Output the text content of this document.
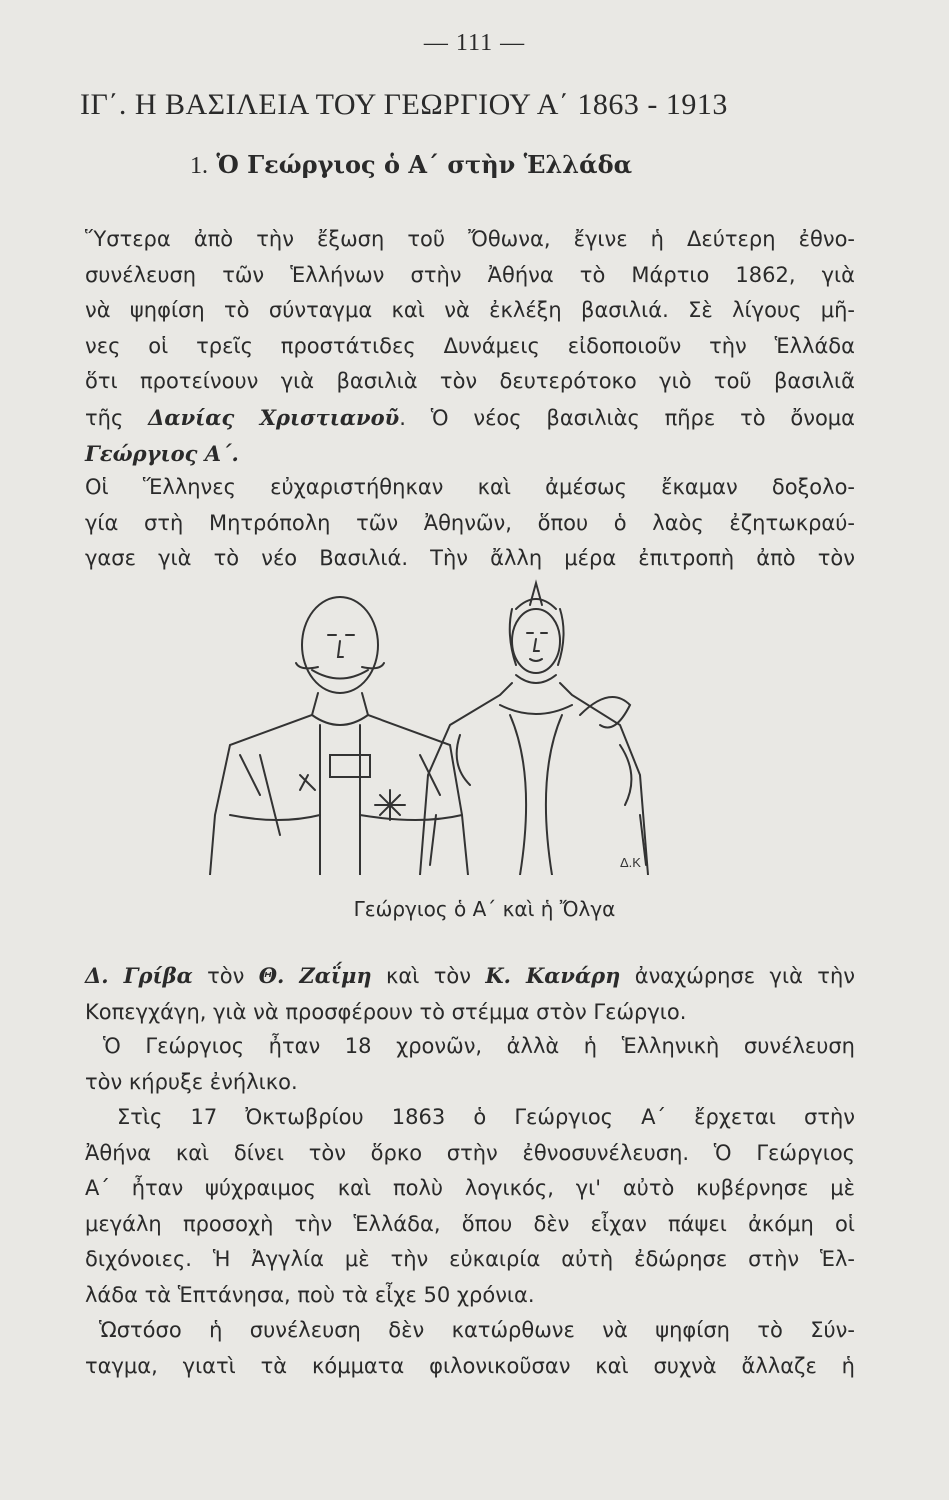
— 111 —
ΙΓ΄. Η ΒΑΣΙΛΕΙΑ ΤΟΥ ΓΕΩΡΓΙΟΥ Α΄ 1863 - 1913
1. Ὁ Γεώργιος ὁ Α΄ στὴν Ἑλλάδα
Ὕστερα ἀπὸ τὴν ἔξωση τοῦ Ὄθωνα, ἔγινε ἡ Δεύτερη ἐθνο-
συνέλευση τῶν Ἑλλήνων στὴν Ἀθήνα τὸ Μάρτιο 1862, γιὰ
νὰ ψηφίση τὸ σύνταγμα καὶ νὰ ἐκλέξη βασιλιά. Σὲ λίγους μῆ-
νες οἱ τρεῖς προστάτιδες Δυνάμεις εἰδοποιοῦν τὴν Ἑλλάδα
ὅτι προτείνουν γιὰ βασιλιὰ τὸν δευτερότοκο γιὸ τοῦ βασιλιᾶ
τῆς Δανίας Χριστιανοῦ. Ὁ νέος βασιλιὰς πῆρε τὸ ὄνομα
Γεώργιος Α΄.
Οἱ Ἕλληνες εὐχαριστήθηκαν καὶ ἀμέσως ἔκαμαν δοξολο-
γία στὴ Μητρόπολη τῶν Ἀθηνῶν, ὅπου ὁ λαὸς ἐζητωκραύ-
γασε γιὰ τὸ νέο Βασιλιά. Τὴν ἄλλη μέρα ἐπιτροπὴ ἀπὸ τὸν
Δ.Κ
Γεώργιος ὁ Α΄ καὶ ἡ Ὄλγα
Δ. Γρίβα τὸν Θ. Ζαΐμη καὶ τὸν Κ. Κανάρη ἀναχώρησε γιὰ τὴν
Κοπεγχάγη, γιὰ νὰ προσφέρουν τὸ στέμμα στὸν Γεώργιο.
Ὁ Γεώργιος ἦταν 18 χρονῶν, ἀλλὰ ἡ Ἑλληνικὴ συνέλευση
τὸν κήρυξε ἐνήλικο.
Στὶς 17 Ὀκτωβρίου 1863 ὁ Γεώργιος Α΄ ἔρχεται στὴν
Ἀθήνα καὶ δίνει τὸν ὅρκο στὴν ἐθνοσυνέλευση. Ὁ Γεώργιος
Α΄ ἦταν ψύχραιμος καὶ πολὺ λογικός, γι' αὐτὸ κυβέρνησε μὲ
μεγάλη προσοχὴ τὴν Ἑλλάδα, ὅπου δὲν εἶχαν πάψει ἀκόμη οἱ
διχόνοιες. Ἡ Ἀγγλία μὲ τὴν εὐκαιρία αὐτὴ ἐδώρησε στὴν Ἑλ-
λάδα τὰ Ἑπτάνησα, ποὺ τὰ εἶχε 50 χρόνια.
Ὡστόσο ἡ συνέλευση δὲν κατώρθωνε νὰ ψηφίση τὸ Σύν-
ταγμα, γιατὶ τὰ κόμματα φιλονικοῦσαν καὶ συχνὰ ἄλλαζε ἡ
